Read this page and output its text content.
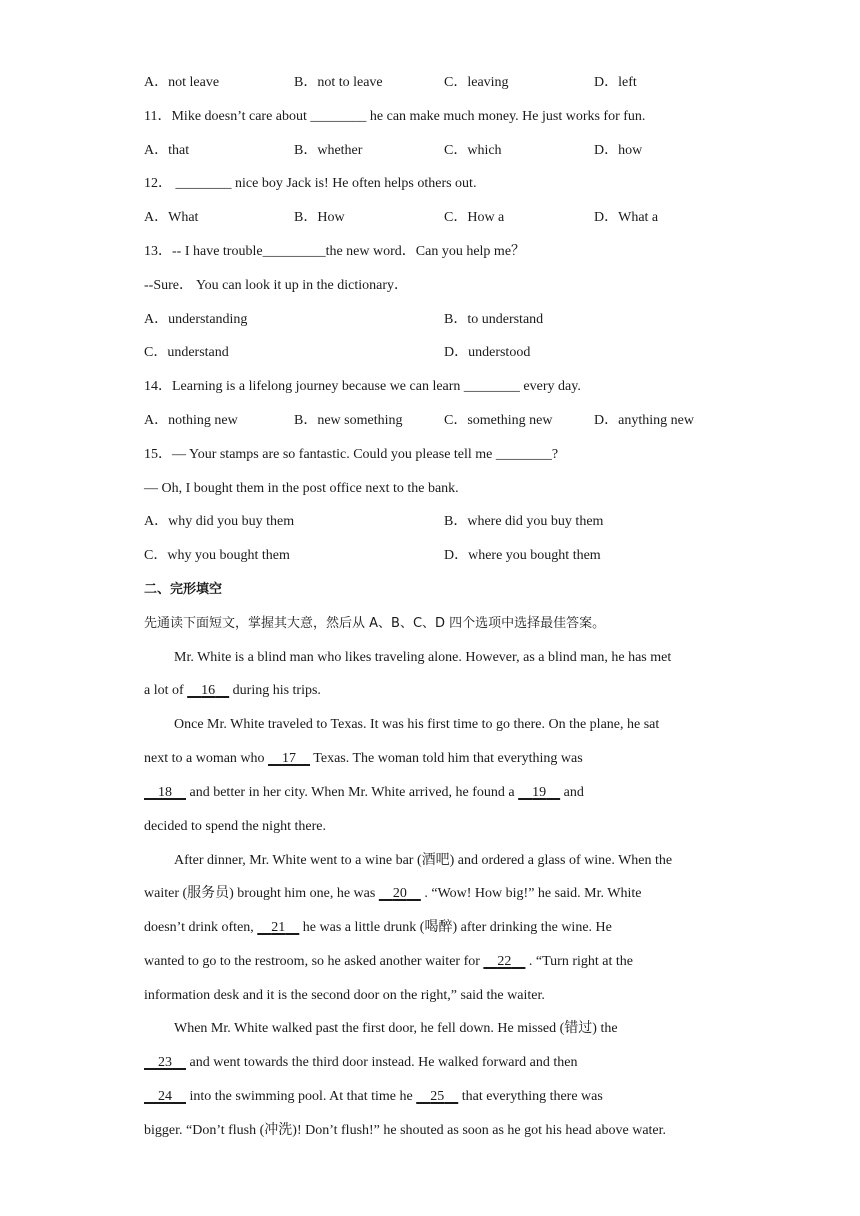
A．not leave	B．not to leave	C．leaving	D．left
11．Mike doesn’t care about ________ he can make much money. He just works for fun.
A．that	B．whether	C．which	D．how
12． ________ nice boy Jack is! He often helps others out.
A．What	B．How	C．How a	D．What a
13．-- I have trouble_________the new word．Can you help me？
--Sure． You can look it up in the dictionary．
A．understanding	B．to understand
C．understand	D．understood
14．Learning is a lifelong journey because we can learn ________ every day.
A．nothing new	B．new something	C．something new	D．anything new
15．— Your stamps are so fantastic. Could you please tell me ________?
— Oh, I bought them in the post office next to the bank.
A．why did you buy them	B．where did you buy them
C．why you bought them	D．where you bought them
二、完形填空
先通读下面短文，掌握其大意，然后从 A、B、C、D 四个选项中选择最佳答案。
Mr. White is a blind man who likes traveling alone. However, as a blind man, he has met
a lot of     16     during his trips.
Once Mr. White traveled to Texas. It was his first time to go there. On the plane, he sat
next to a woman who     17     Texas. The woman told him that everything was
18     and better in her city. When Mr. White arrived, he found a     19     and
decided to spend the night there.
After dinner, Mr. White went to a wine bar (酒吧) and ordered a glass of wine. When the
waiter (服务员) brought him one, he was     20     . “Wow! How big!” he said. Mr. White
doesn’t drink often,     21     he was a little drunk (喝醉) after drinking the wine. He
wanted to go to the restroom, so he asked another waiter for     22     . “Turn right at the
information desk and it is the second door on the right,” said the waiter.
When Mr. White walked past the first door, he fell down. He missed (错过) the
23     and went towards the third door instead. He walked forward and then
24     into the swimming pool. At that time he     25     that everything there was
bigger. “Don’t flush (冲洗)! Don’t flush!” he shouted as soon as he got his head above water.
